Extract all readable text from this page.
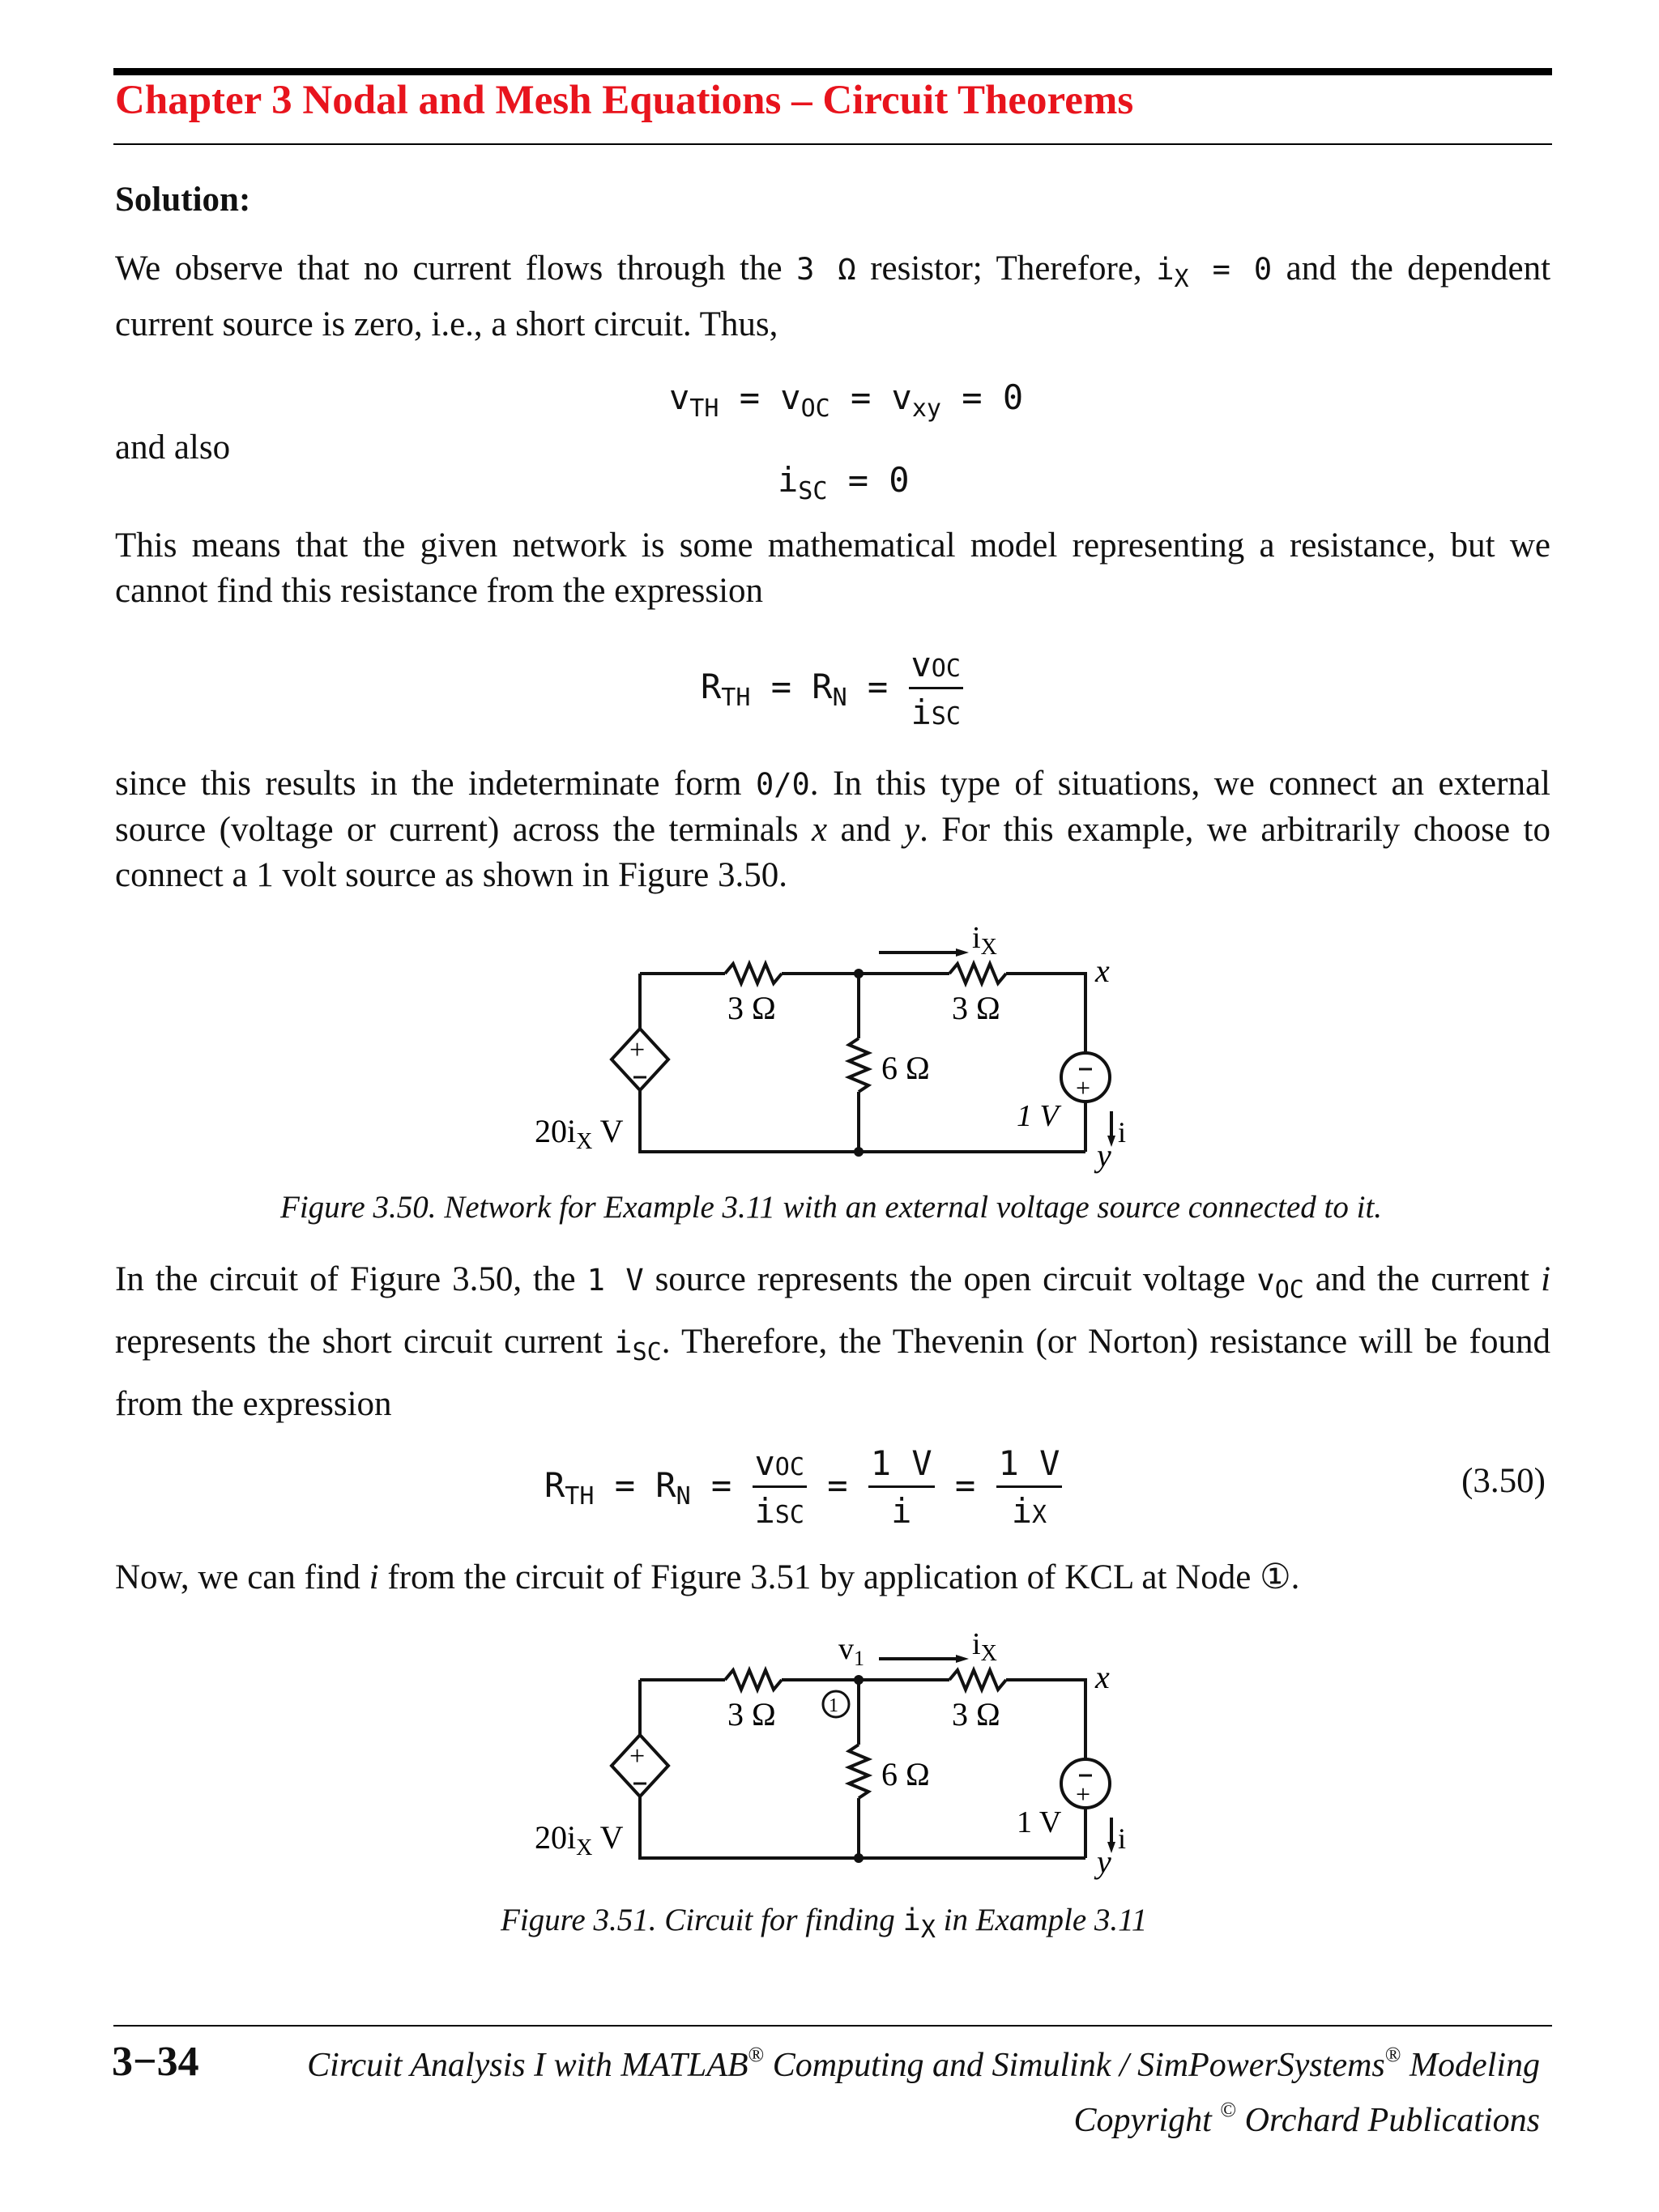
Chapter 3 Nodal and Mesh Equations – Circuit Theorems
Solution:
We observe that no current flows through the 3 Ω resistor; Therefore, $i_X = 0$ and the dependent current source is zero, i.e., a short circuit. Thus,
$v_{TH} = v_{OC} = v_{xy} = 0$
and also
$i_{SC} = 0$
This means that the given network is some mathematical model representing a resistance, but we cannot find this resistance from the expression
$R_{TH} = R_N = \frac{\text{vOC}}{\text{iSC}}$
since this results in the indeterminate form 0/0. In this type of situations, we connect an external source (voltage or current) across the terminals x and y. For this example, we arbitrarily choose to connect a 1 volt source as shown in Figure 3.50.
+
+
3 Ω	3 Ω
6 Ω
$i_X$
$20i_X$ V	1 V i
x
y
Figure 3.50. Network for Example 3.11 with an external voltage source connected to it.
In the circuit of Figure 3.50, the 1 V source represents the open circuit voltage $v_{OC}$ and the current i represents the short circuit current $i_{SC}$. Therefore, the Thevenin (or Norton) resistance will be found from the expression
$R_{TH} = R_N = \frac{\text{vOC}}{\text{iSC}} = \frac{1 V}{i} = \frac{1 V}{iX}$	(3.50)
Now, we can find i from the circuit of Figure 3.51 by application of KCL at Node ①.
+
+
1
3 Ω	3 Ω
6 Ω
$v_1$	$i_X$
$20i_X$ V	1 V i
x
y
Figure 3.51. Circuit for finding $i_X$ in Example 3.11
3−34	Circuit Analysis I with MATLAB® Computing and Simulink / SimPowerSystems® Modeling
Copyright © Orchard Publications
